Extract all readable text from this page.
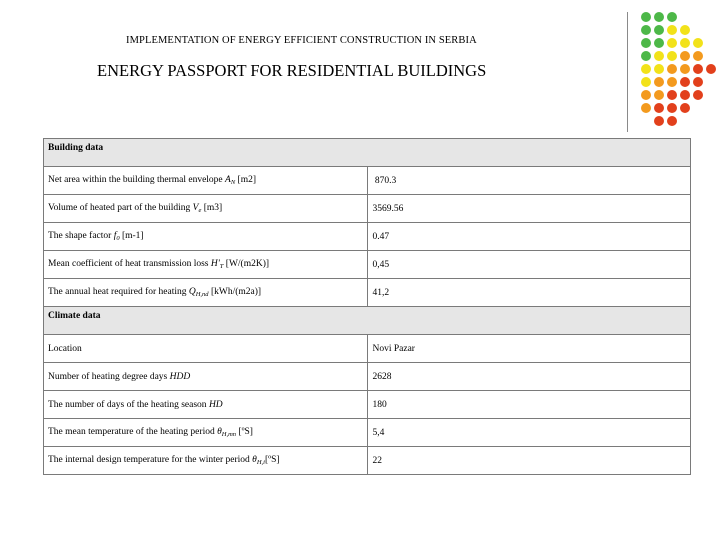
IMPLEMENTATION OF ENERGY EFFICIENT CONSTRUCTION IN SERBIA
ENERGY PASSPORT FOR RESIDENTIAL BUILDINGS
Building data	
Net area within the building thermal envelope $A_N$ [m2]	870.3
Volume of heated part of the building $V_e$ [m3]	3569.56
The shape factor $f_0$ [m-1]	0.47
Mean coefficient of heat transmission loss $H'_T$ [W/(m2K)]	0,45
The annual heat required for heating $Q_{H,nd}$ [kWh/(m2a)]	41,2
Climate data	
Location	Novi Pazar
Number of heating degree days HDD	2628
The number of days of the heating season HD	180
The mean temperature of the heating period $\theta_{H,mn}$ [ºS]	5,4
The internal design temperature for the winter period $\theta_{H,i}[ºS]$	22
